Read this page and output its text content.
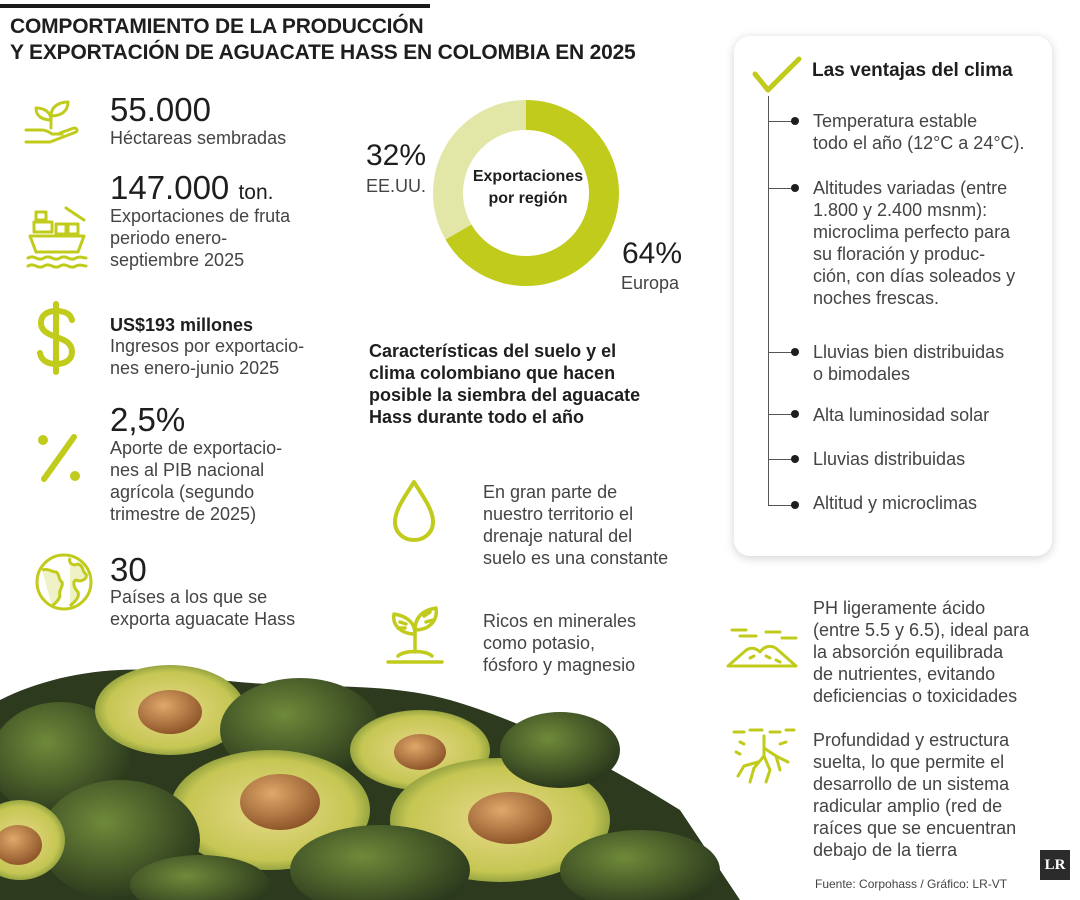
COMPORTAMIENTO DE LA PRODUCCIÓN
Y EXPORTACIÓN DE AGUACATE HASS EN COLOMBIA EN 2025
55.000
Héctareas sembradas
147.000 ton.
Exportaciones de fruta
periodo enero-
septiembre 2025
US$193 millones
Ingresos por exportacio-
nes enero-junio 2025
2,5%
Aporte de exportacio-
nes al PIB nacional
agrícola (segundo
trimestre de 2025)
30
Países a los que se
exporta aguacate Hass
Exportaciones
por región
32%
EE.UU.
64%
Europa
Características del suelo y el
clima colombiano que hacen
posible la siembra del aguacate
Hass durante todo el año
En gran parte de
nuestro territorio el
drenaje natural del
suelo es una constante
Ricos en minerales
como potasio,
fósforo y magnesio
Las ventajas del clima
Temperatura estable
todo el año (12°C a 24°C).
Altitudes variadas (entre
1.800 y 2.400 msnm):
microclima perfecto para
su floración y produc-
ción, con días soleados y
noches frescas.
Lluvias bien distribuidas
o bimodales
Alta luminosidad solar
Lluvias distribuidas
Altitud y microclimas
PH ligeramente ácido
(entre 5.5 y 6.5), ideal para
la absorción equilibrada
de nutrientes, evitando
deficiencias o toxicidades
Profundidad y estructura
suelta, lo que permite el
desarrollo de un sistema
radicular amplio (red de
raíces que se encuentran
debajo de la tierra
Fuente: Corpohass / Gráfico: LR-VT
LR
